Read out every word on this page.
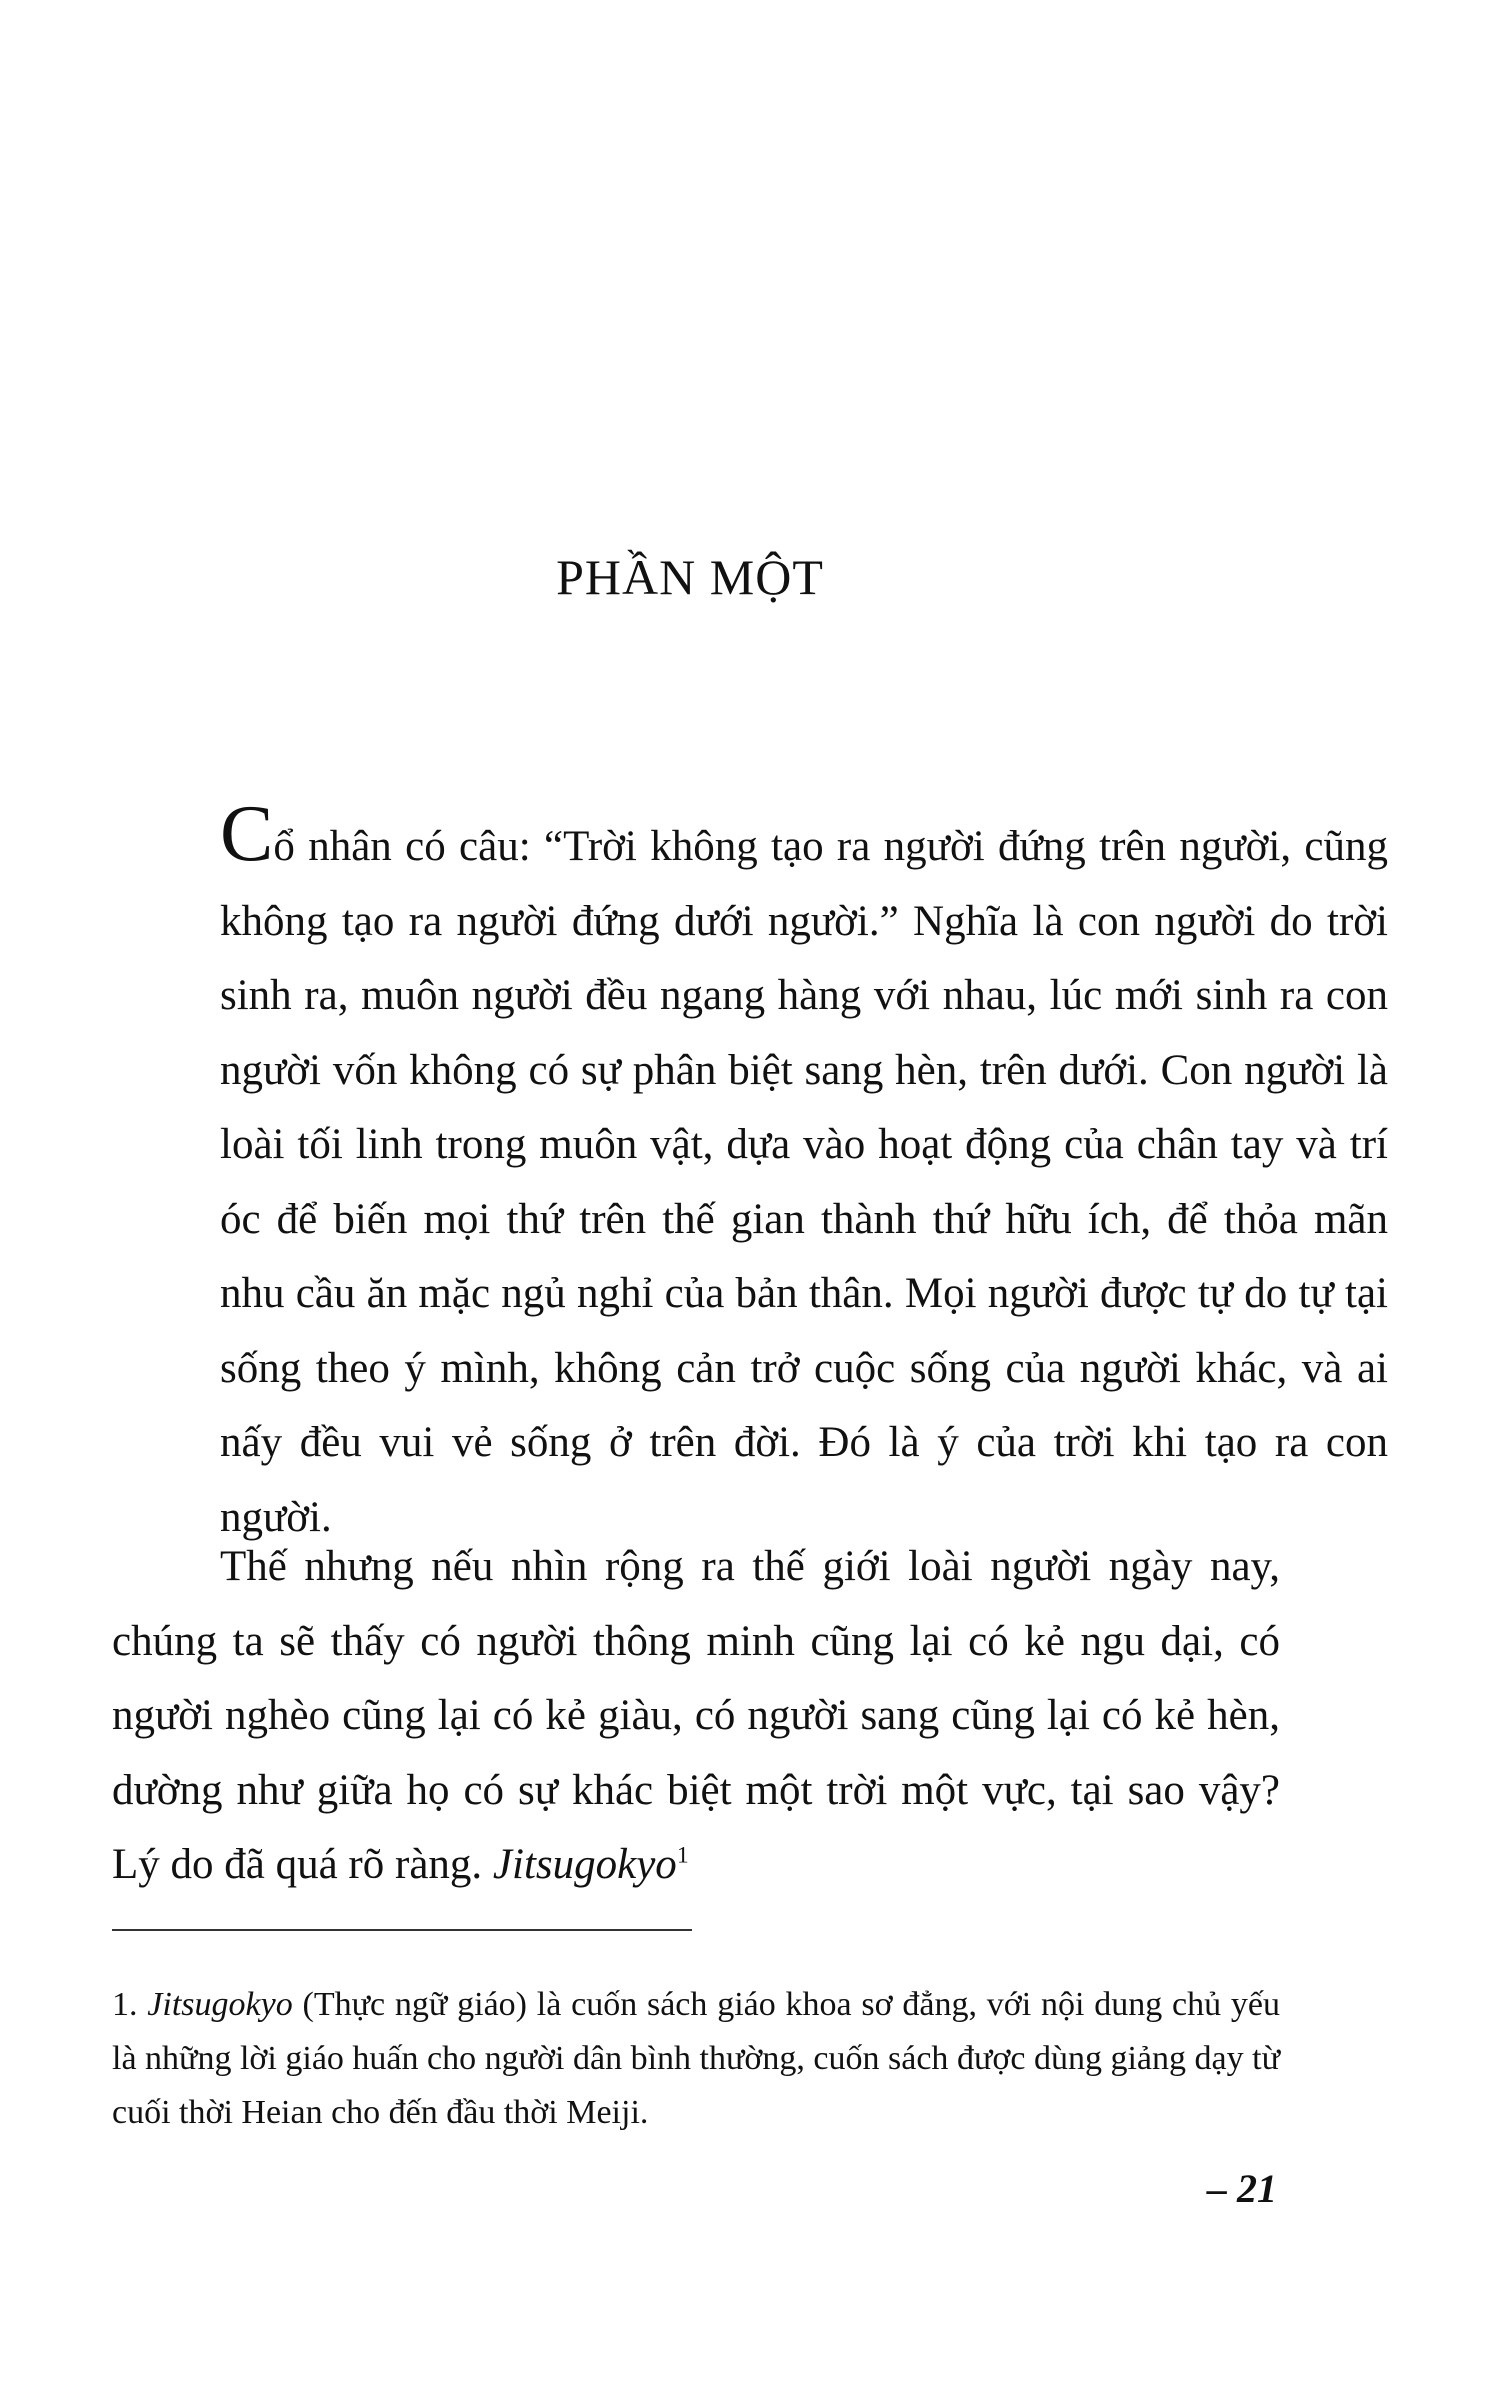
PHẦN MỘT

Cổ nhân có câu: “Trời không tạo ra người đứng trên người, cũng không tạo ra người đứng dưới người.” Nghĩa là con người do trời sinh ra, muôn người đều ngang hàng với nhau, lúc mới sinh ra con người vốn không có sự phân biệt sang hèn, trên dưới. Con người là loài tối linh trong muôn vật, dựa vào hoạt động của chân tay và trí óc để biến mọi thứ trên thế gian thành thứ hữu ích, để thỏa mãn nhu cầu ăn mặc ngủ nghỉ của bản thân. Mọi người được tự do tự tại sống theo ý mình, không cản trở cuộc sống của người khác, và ai nấy đều vui vẻ sống ở trên đời. Đó là ý của trời khi tạo ra con người.

Thế nhưng nếu nhìn rộng ra thế giới loài người ngày nay, chúng ta sẽ thấy có người thông minh cũng lại có kẻ ngu dại, có người nghèo cũng lại có kẻ giàu, có người sang cũng lại có kẻ hèn, dường như giữa họ có sự khác biệt một trời một vực, tại sao vậy? Lý do đã quá rõ ràng. Jitsugokyo$^1$

1. Jitsugokyo (Thực ngữ giáo) là cuốn sách giáo khoa sơ đẳng, với nội dung chủ yếu là những lời giáo huấn cho người dân bình thường, cuốn sách được dùng giảng dạy từ cuối thời Heian cho đến đầu thời Meiji.

– 21
